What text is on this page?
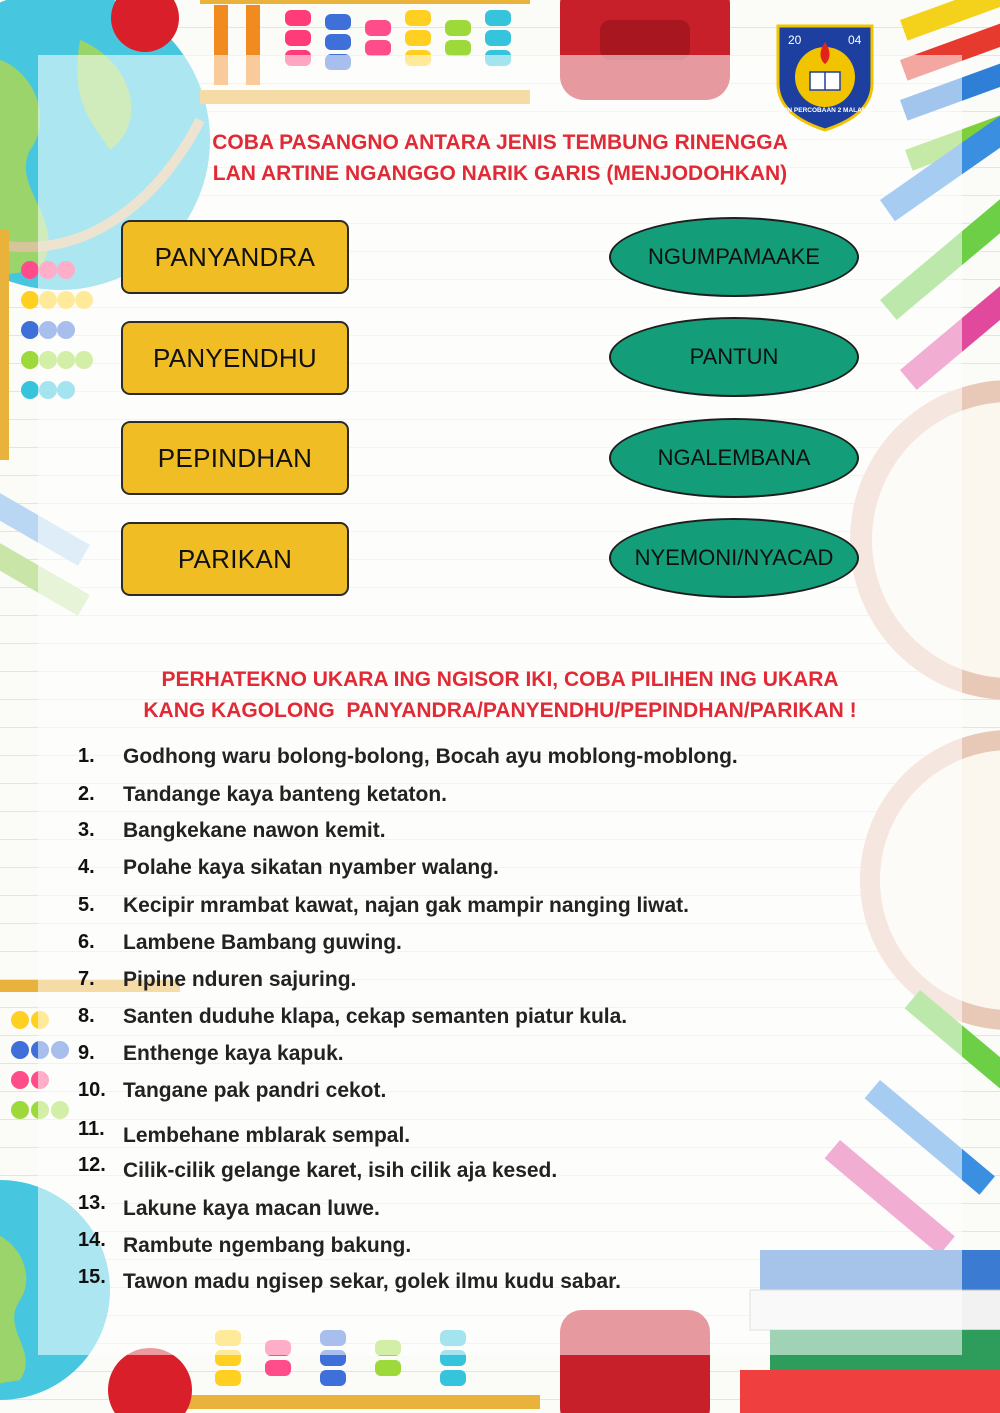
20	04
SDN PERCOBAAN 2 MALANG
COBA PASANGNO ANTARA JENIS TEMBUNG RINENGGA
LAN ARTINE NGANGGO NARIK GARIS (MENJODOHKAN)
PANYANDRA
PANYENDHU
PEPINDHAN
PARIKAN
NGUMPAMAAKE
PANTUN
NGALEMBANA
NYEMONI/NYACAD
PERHATEKNO UKARA ING NGISOR IKI, COBA PILIHEN ING UKARA
KANG KAGOLONG  PANYANDRA/PANYENDHU/PEPINDHAN/PARIKAN !
1. Godhong waru bolong-bolong, Bocah ayu moblong-moblong.
2. Tandange kaya banteng ketaton.
3. Bangkekane nawon kemit.
4. Polahe kaya sikatan nyamber walang.
5. Kecipir mrambat kawat, najan gak mampir nanging liwat.
6. Lambene Bambang guwing.
7. Pipine nduren sajuring.
8. Santen duduhe klapa, cekap semanten piatur kula.
9. Enthenge kaya kapuk.
10. Tangane pak pandri cekot.
11. Lembehane mblarak sempal.
12. Cilik-cilik gelange karet, isih cilik aja kesed.
13. Lakune kaya macan luwe.
14. Rambute ngembang bakung.
15. Tawon madu ngisep sekar, golek ilmu kudu sabar.
